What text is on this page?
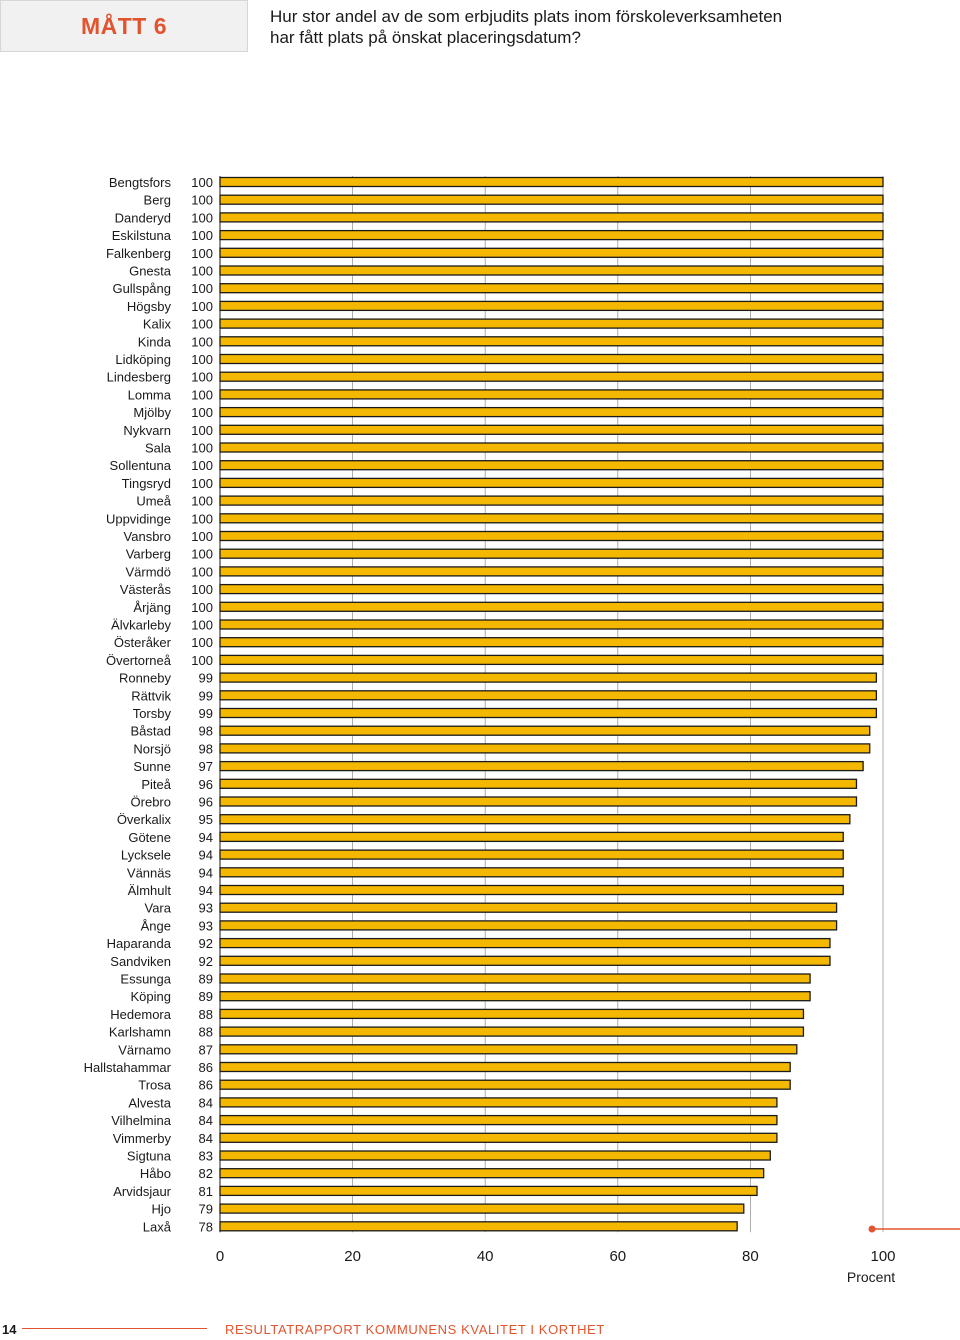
MÅTT 6	Hur stor andel av de som erbjudits plats inom förskoleverksamheten
har fått plats på önskat placeringsdatum?
Bengtsfors 100
Berg 100
Danderyd 100
Eskilstuna 100
Falkenberg 100
Gnesta 100
Gullspång 100
Högsby 100
Kalix 100
Kinda 100
Lidköping 100
Lindesberg 100
Lomma 100
Mjölby 100
Nykvarn 100
Sala 100
Sollentuna 100
Tingsryd 100
Umeå 100
Uppvidinge 100
Vansbro 100
Varberg 100
Värmdö 100
Västerås 100
Årjäng 100
Älvkarleby 100
Österåker 100
Övertorneå 100
Ronneby 99
Rättvik 99
Torsby 99
Båstad 98
Norsjö 98
Sunne 97
Piteå 96
Örebro 96
Överkalix 95
Götene 94
Lycksele 94
Vännäs 94
Älmhult 94
Vara 93
Ånge 93
Haparanda 92
Sandviken 92
Essunga 89
Köping 89
Hedemora 88
Karlshamn 88
Värnamo 87
Hallstahammar 86
Trosa 86
Alvesta 84
Vilhelmina 84
Vimmerby 84
Sigtuna 83
Håbo 82
Arvidsjaur 81
Hjo 79
Laxå 78
0	20	40	60	80	100
Procent
14	RESULTATRAPPORT KOMMUNENS KVALITET I KORTHET
